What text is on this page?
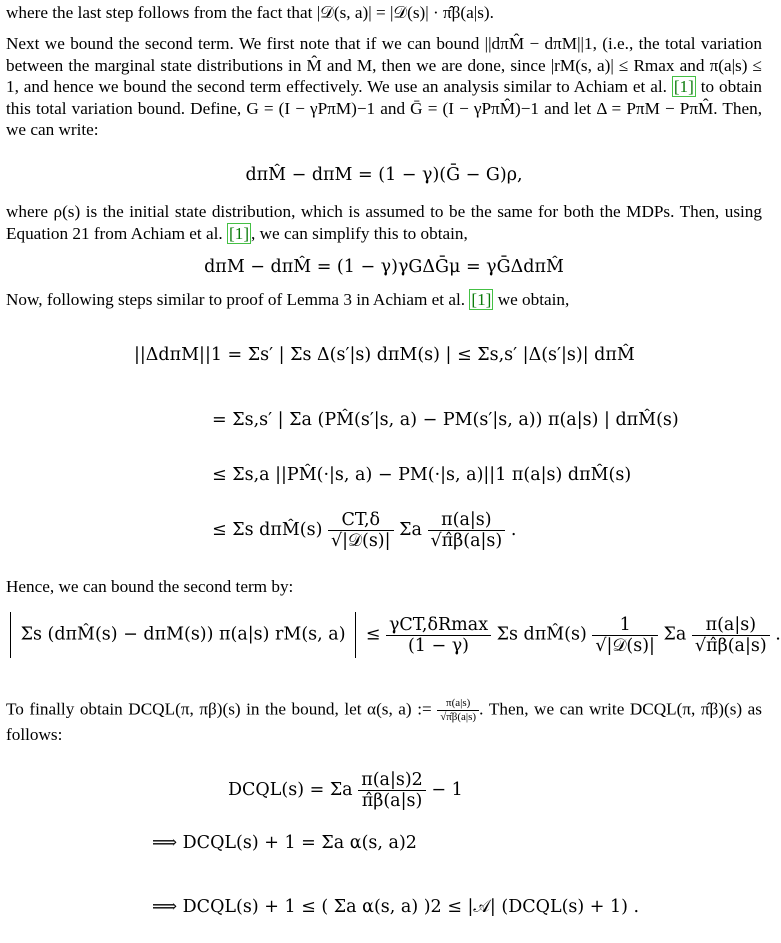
where the last step follows from the fact that |𝒟(s, a)| = |𝒟(s)| · π̂β(a|s).

Next we bound the second term. We first note that if we can bound ||dπM̂ − dπM||1, (i.e., the total variation between the marginal state distributions in M̂ and M, then we are done, since |rM(s, a)| ≤ Rmax and π(a|s) ≤ 1, and hence we bound the second term effectively. We use an analysis similar to Achiam et al. [1] to obtain this total variation bound. Define, G = (I − γPπM)−1 and Ḡ = (I − γPπM̂)−1 and let Δ = PπM − PπM̂. Then, we can write:
dπM̂ − dπM = (1 − γ)(Ḡ − G)ρ,
where ρ(s) is the initial state distribution, which is assumed to be the same for both the MDPs. Then, using Equation 21 from Achiam et al. [1] , we can simplify this to obtain,
dπM − dπM̂ = (1 − γ)γGΔḠμ = γḠΔdπM̂
Now, following steps similar to proof of Lemma 3 in Achiam et al. [1] we obtain,
||ΔdπM||1 = Σs′ | Σs Δ(s′|s) dπM(s) | ≤ Σs,s′ |Δ(s′|s)| dπM̂
= Σs,s′ | Σa (PM̂(s′|s, a) − PM(s′|s, a)) π(a|s) | dπM̂(s)
≤ Σs,a ||PM̂(·|s, a) − PM(·|s, a)||1 π(a|s) dπM̂(s)
≤ Σs dπM̂(s) $\frac{CT,\delta}{\text{√|𝒟(s)|}}$ Σa $\frac{\pi(a|s)}{√\pî\beta(a|s)}$ .

Hence, we can bound the second term by:

Σs (dπM̂(s) − dπM(s)) π(a|s) rM(s, $a) \le \frac{\text{γCT,δRmax}}{(1 - \gamma)}$ Σs dπM̂(s) $\frac{1}{\text{√|𝒟(s)|}}$ Σa $\frac{\pi(a|s)}{√\pî\beta(a|s)}$ .
To finally obtain DCQL(π, πβ)(s) in the bound, let α(s, a) := $\frac{\pi(a|s)}{√\pî\beta(a|s)}$ . Then, we can write DCQL(π, π̂β)(s) as follows:
DCQL(s) = Σa $\frac{\pi(a|s)2}{\pî\beta(a|s)} - 1$
⟹ DCQL(s) + 1 = Σa α(s, a)2
⟹ DCQL(s) + 1 ≤ ( Σa α(s, a) )2 ≤ |𝒜| (DCQL(s) + 1) .
